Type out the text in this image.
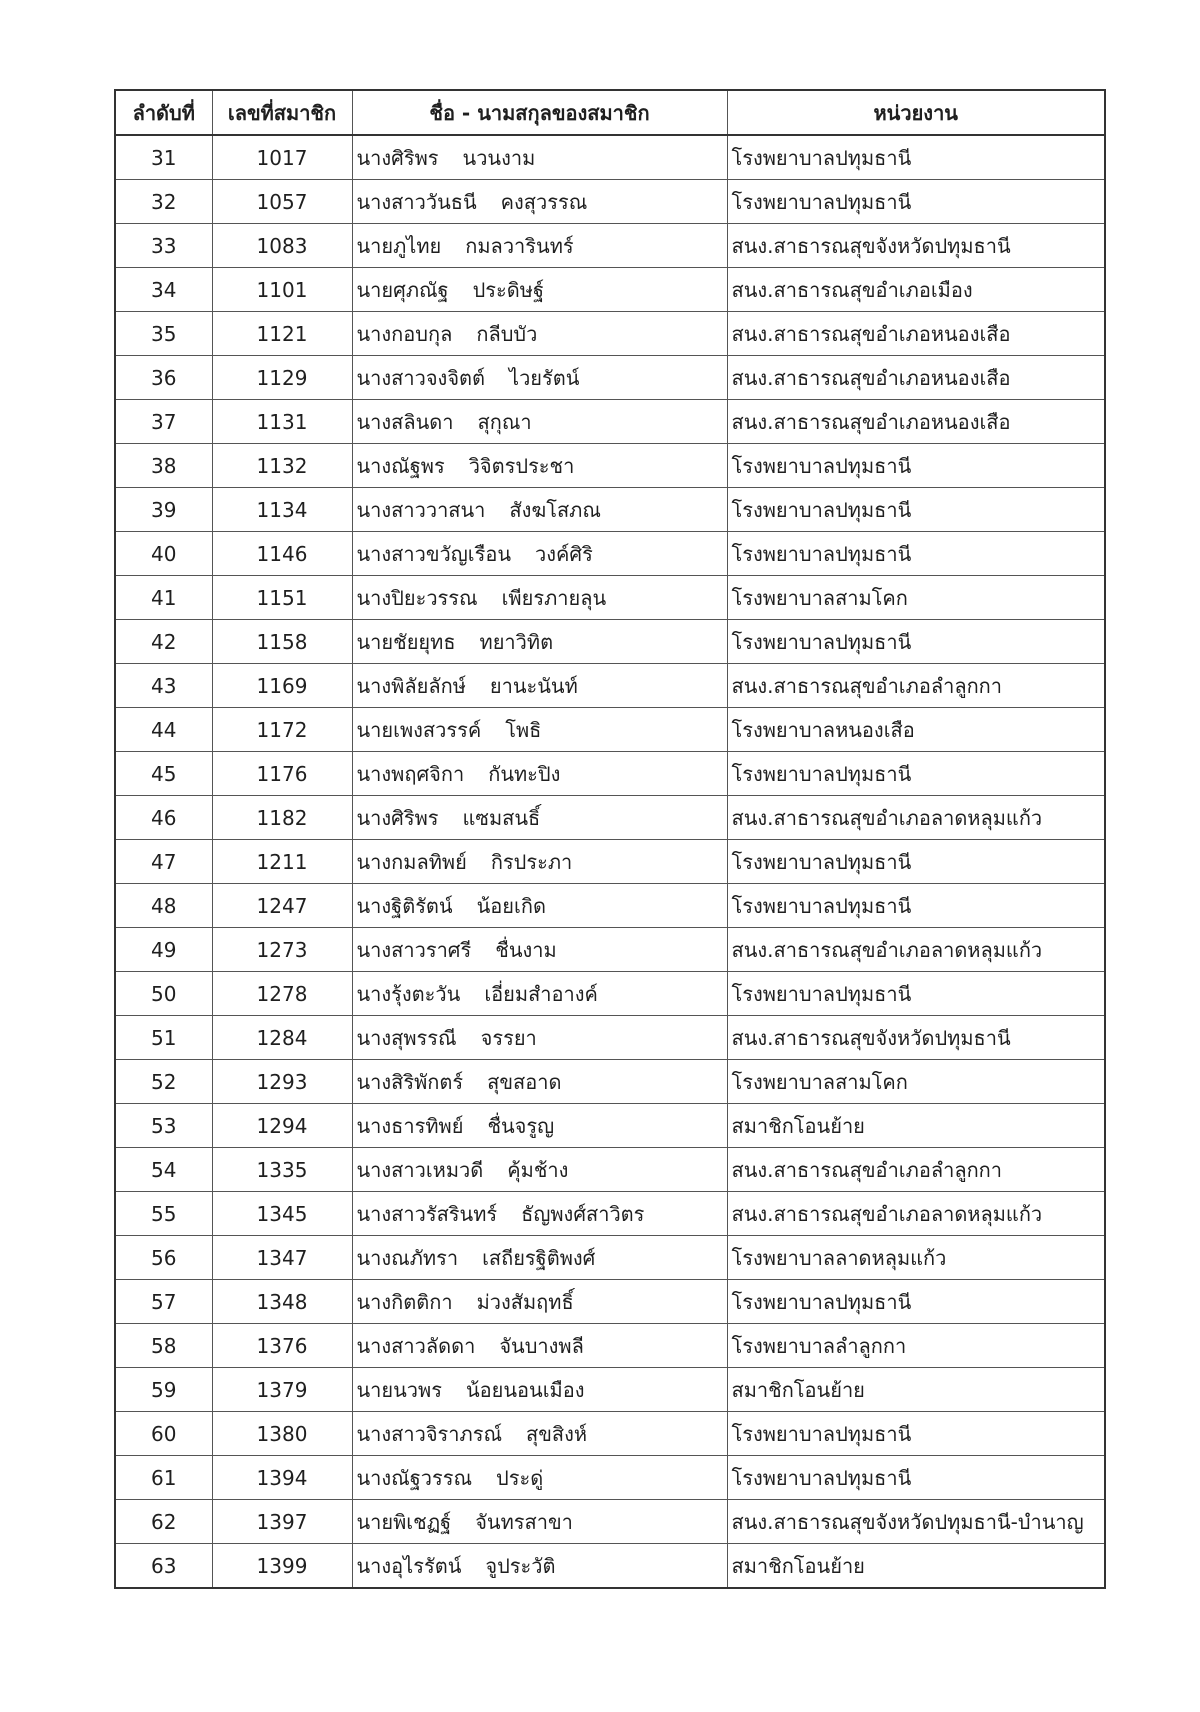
ลำดับที่	เลขที่สมาชิก	ชื่อ - นามสกุลของสมาชิก	หน่วยงาน
31	1017	นางศิริพร นวนงาม	โรงพยาบาลปทุมธานี
32	1057	นางสาววันธนี คงสุวรรณ	โรงพยาบาลปทุมธานี
33	1083	นายภูไทย กมลวารินทร์	สนง.สาธารณสุขจังหวัดปทุมธานี
34	1101	นายศุภณัฐ ประดิษฐ์	สนง.สาธารณสุขอำเภอเมือง
35	1121	นางกอบกุล กลีบบัว	สนง.สาธารณสุขอำเภอหนองเสือ
36	1129	นางสาวจงจิตต์ ไวยรัตน์	สนง.สาธารณสุขอำเภอหนองเสือ
37	1131	นางสลินดา สุกุณา	สนง.สาธารณสุขอำเภอหนองเสือ
38	1132	นางณัฐพร วิจิตรประชา	โรงพยาบาลปทุมธานี
39	1134	นางสาววาสนา สังฆโสภณ	โรงพยาบาลปทุมธานี
40	1146	นางสาวขวัญเรือน วงค์ศิริ	โรงพยาบาลปทุมธานี
41	1151	นางปิยะวรรณ เพียรภายลุน	โรงพยาบาลสามโคก
42	1158	นายชัยยุทธ ทยาวิทิต	โรงพยาบาลปทุมธานี
43	1169	นางพิลัยลักษ์ ยานะนันท์	สนง.สาธารณสุขอำเภอลำลูกกา
44	1172	นายเพงสวรรค์ โพธิ	โรงพยาบาลหนองเสือ
45	1176	นางพฤศจิกา กันทะปิง	โรงพยาบาลปทุมธานี
46	1182	นางศิริพร แซมสนธิ์	สนง.สาธารณสุขอำเภอลาดหลุมแก้ว
47	1211	นางกมลทิพย์ กิรประภา	โรงพยาบาลปทุมธานี
48	1247	นางฐิติรัตน์ น้อยเกิด	โรงพยาบาลปทุมธานี
49	1273	นางสาวราศรี ชื่นงาม	สนง.สาธารณสุขอำเภอลาดหลุมแก้ว
50	1278	นางรุ้งตะวัน เอี่ยมสำอางค์	โรงพยาบาลปทุมธานี
51	1284	นางสุพรรณี จรรยา	สนง.สาธารณสุขจังหวัดปทุมธานี
52	1293	นางสิริพักตร์ สุขสอาด	โรงพยาบาลสามโคก
53	1294	นางธารทิพย์ ชื่นจรูญ	สมาชิกโอนย้าย
54	1335	นางสาวเหมวดี คุ้มช้าง	สนง.สาธารณสุขอำเภอลำลูกกา
55	1345	นางสาวรัสรินทร์ ธัญพงศ์สาวิตร	สนง.สาธารณสุขอำเภอลาดหลุมแก้ว
56	1347	นางณภัทรา เสถียรฐิติพงศ์	โรงพยาบาลลาดหลุมแก้ว
57	1348	นางกิตติกา ม่วงสัมฤทธิ์	โรงพยาบาลปทุมธานี
58	1376	นางสาวลัดดา จันบางพลี	โรงพยาบาลลำลูกกา
59	1379	นายนวพร น้อยนอนเมือง	สมาชิกโอนย้าย
60	1380	นางสาวจิราภรณ์ สุขสิงห์	โรงพยาบาลปทุมธานี
61	1394	นางณัฐวรรณ ประดู่	โรงพยาบาลปทุมธานี
62	1397	นายพิเชฏฐ์ จันทรสาขา	สนง.สาธารณสุขจังหวัดปทุมธานี-บำนาญ
63	1399	นางอุไรรัตน์ จูประวัติ	สมาชิกโอนย้าย
